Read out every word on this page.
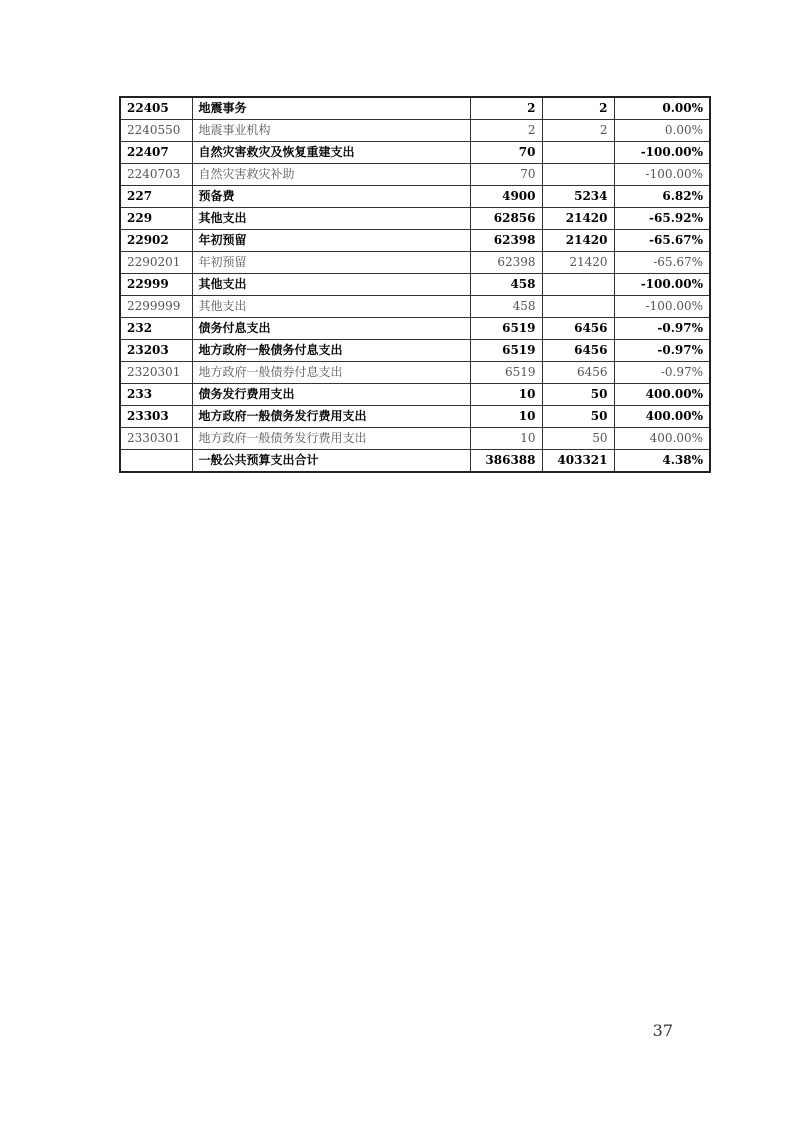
22405	地震事务	2	2	0.00%
2240550	地震事业机构	2	2	0.00%
22407	自然灾害救灾及恢复重建支出	70		-100.00%
2240703	自然灾害救灾补助	70		-100.00%
227	预备费	4900	5234	6.82%
229	其他支出	62856	21420	-65.92%
22902	年初预留	62398	21420	-65.67%
2290201	年初预留	62398	21420	-65.67%
22999	其他支出	458		-100.00%
2299999	其他支出	458		-100.00%
232	债务付息支出	6519	6456	-0.97%
23203	地方政府一般债务付息支出	6519	6456	-0.97%
2320301	地方政府一般债券付息支出	6519	6456	-0.97%
233	债务发行费用支出	10	50	400.00%
23303	地方政府一般债务发行费用支出	10	50	400.00%
2330301	地方政府一般债务发行费用支出	10	50	400.00%
	一般公共预算支出合计	386388	403321	4.38%
37
